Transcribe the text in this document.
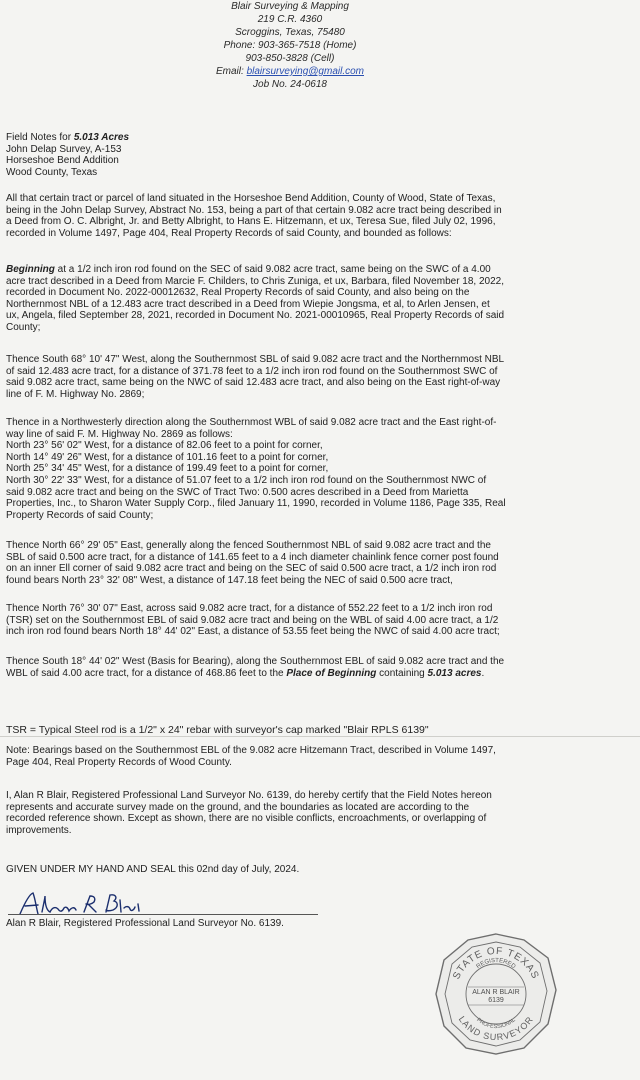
Blair Surveying & Mapping
219 C.R. 4360
Scroggins, Texas, 75480
Phone: 903-365-7518 (Home)
903-850-3828 (Cell)
Email: blairsurveying@gmail.com
Job No. 24-0618

Field Notes for 5.013 Acres

John Delap Survey, A-153

Horseshoe Bend Addition

Wood County, Texas

All that certain tract or parcel of land situated in the Horseshoe Bend Addition, County of Wood, State of Texas,

being in the John Delap Survey, Abstract No. 153, being a part of that certain 9.082 acre tract being described in

a Deed from O. C. Albright, Jr. and Betty Albright, to Hans E. Hitzemann, et ux, Teresa Sue, filed July 02, 1996,

recorded in Volume 1497, Page 404, Real Property Records of said County, and bounded as follows:

Beginning at a 1/2 inch iron rod found on the SEC of said 9.082 acre tract, same being on the SWC of a 4.00

acre tract described in a Deed from Marcie F. Childers, to Chris Zuniga, et ux, Barbara, filed November 18, 2022,

recorded in Document No. 2022-00012632, Real Property Records of said County, and also being on the

Northernmost NBL of a 12.483 acre tract described in a Deed from Wiepie Jongsma, et al, to Arlen Jensen, et

ux, Angela, filed September 28, 2021, recorded in Document No. 2021-00010965, Real Property Records of said

County;

Thence South 68° 10' 47" West, along the Southernmost SBL of said 9.082 acre tract and the Northernmost NBL

of said 12.483 acre tract, for a distance of 371.78 feet to a 1/2 inch iron rod found on the Southernmost SWC of

said 9.082 acre tract, same being on the NWC of said 12.483 acre tract, and also being on the East right-of-way

line of F. M. Highway No. 2869;

Thence in a Northwesterly direction along the Southernmost WBL of said 9.082 acre tract and the East right-of-

way line of said F. M. Highway No. 2869 as follows:

North 23° 56' 02" West, for a distance of 82.06 feet to a point for corner,

North 14° 49' 26" West, for a distance of 101.16 feet to a point for corner,

North 25° 34' 45" West, for a distance of 199.49 feet to a point for corner,

North 30° 22' 33" West, for a distance of 51.07 feet to a 1/2 inch iron rod found on the Southernmost NWC of

said 9.082 acre tract and being on the SWC of Tract Two: 0.500 acres described in a Deed from Marietta

Properties, Inc., to Sharon Water Supply Corp., filed January 11, 1990, recorded in Volume 1186, Page 335, Real

Property Records of said County;

Thence North 66° 29' 05" East, generally along the fenced Southernmost NBL of said 9.082 acre tract and the

SBL of said 0.500 acre tract, for a distance of 141.65 feet to a 4 inch diameter chainlink fence corner post found

on an inner Ell corner of said 9.082 acre tract and being on the SEC of said 0.500 acre tract, a 1/2 inch iron rod

found bears North 23° 32' 08" West, a distance of 147.18 feet being the NEC of said 0.500 acre tract,

Thence North 76° 30' 07" East, across said 9.082 acre tract, for a distance of 552.22 feet to a 1/2 inch iron rod

(TSR) set on the Southernmost EBL of said 9.082 acre tract and being on the WBL of said 4.00 acre tract, a 1/2

inch iron rod found bears North 18° 44' 02" East, a distance of 53.55 feet being the NWC of said 4.00 acre tract;

Thence South 18° 44' 02" West (Basis for Bearing), along the Southernmost EBL of said 9.082 acre tract and the

WBL of said 4.00 acre tract, for a distance of 468.86 feet to the Place of Beginning containing 5.013 acres.

TSR = Typical Steel rod is a 1/2" x 24" rebar with surveyor's cap marked "Blair RPLS 6139"

Note: Bearings based on the Southernmost EBL of the 9.082 acre Hitzemann Tract, described in Volume 1497,

Page 404, Real Property Records of Wood County.

I, Alan R Blair, Registered Professional Land Surveyor No. 6139, do hereby certify that the Field Notes hereon

represents and accurate survey made on the ground, and the boundaries as located are according to the

recorded reference shown. Except as shown, there are no visible conflicts, encroachments, or overlapping of

improvements.

GIVEN UNDER MY HAND AND SEAL this 02nd day of July, 2024.
Alan R Blair, Registered Professional Land Surveyor No. 6139.
STATE OF TEXAS
LAND SURVEYOR
REGISTERED
PROFESSIONAL
ALAN R BLAIR
6139
